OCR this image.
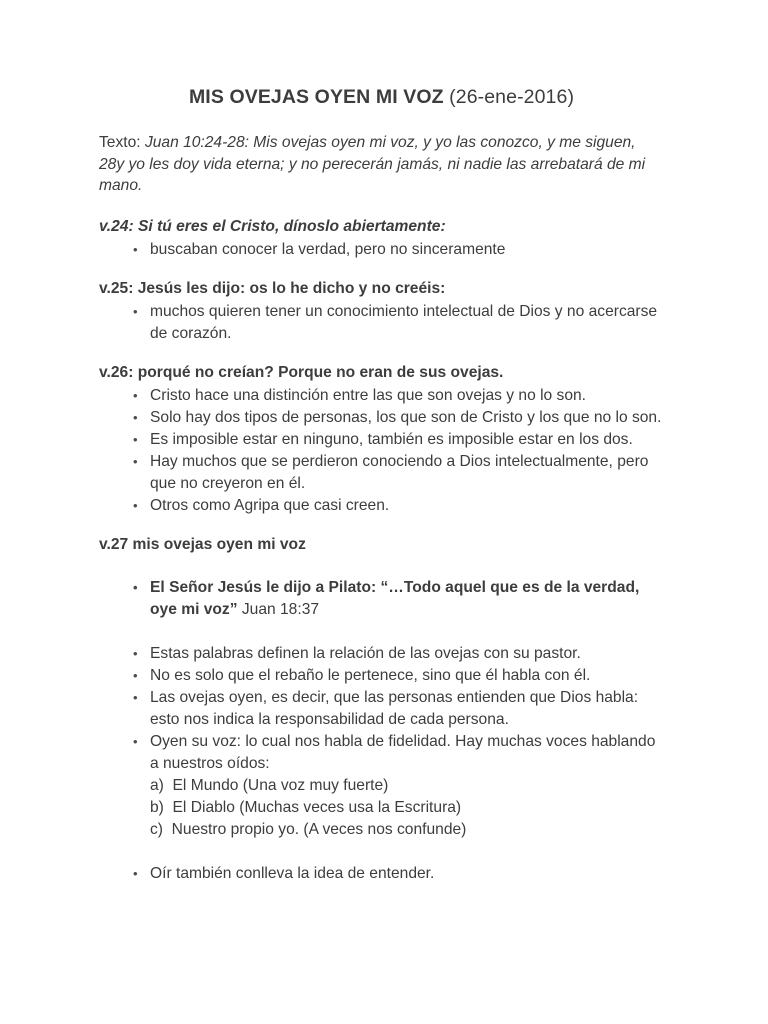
MIS OVEJAS OYEN MI VOZ (26-ene-2016)

Texto: Juan 10:24-28: Mis ovejas oyen mi voz, y yo las conozco, y me siguen, 28y yo les doy vida eterna; y no perecerán jamás, ni nadie las arrebatará de mi mano.

v.24: Si tú eres el Cristo, dínoslo abiertamente:
• buscaban conocer la verdad, pero no sinceramente
v.25: Jesús les dijo: os lo he dicho y no creéis:
• muchos quieren tener un conocimiento intelectual de Dios y no acercarse de corazón.
v.26: porqué no creían? Porque no eran de sus ovejas.
• Cristo hace una distinción entre las que son ovejas y no lo son.
• Solo hay dos tipos de personas, los que son de Cristo y los que no lo son.
• Es imposible estar en ninguno, también es imposible estar en los dos.
• Hay muchos que se perdieron conociendo a Dios intelectualmente, pero que no creyeron en él.
• Otros como Agripa que casi creen.
v.27 mis ovejas oyen mi voz
• El Señor Jesús le dijo a Pilato: “…Todo aquel que es de la verdad, oye mi voz” Juan 18:37
• Estas palabras definen la relación de las ovejas con su pastor.
• No es solo que el rebaño le pertenece, sino que él habla con él.
• Las ovejas oyen, es decir, que las personas entienden que Dios habla: esto nos indica la responsabilidad de cada persona.
• Oyen su voz: lo cual nos habla de fidelidad. Hay muchas voces hablando a nuestros oídos:
a)  El Mundo (Una voz muy fuerte)
b)  El Diablo (Muchas veces usa la Escritura)
c)  Nuestro propio yo. (A veces nos confunde)
• Oír también conlleva la idea de entender.
